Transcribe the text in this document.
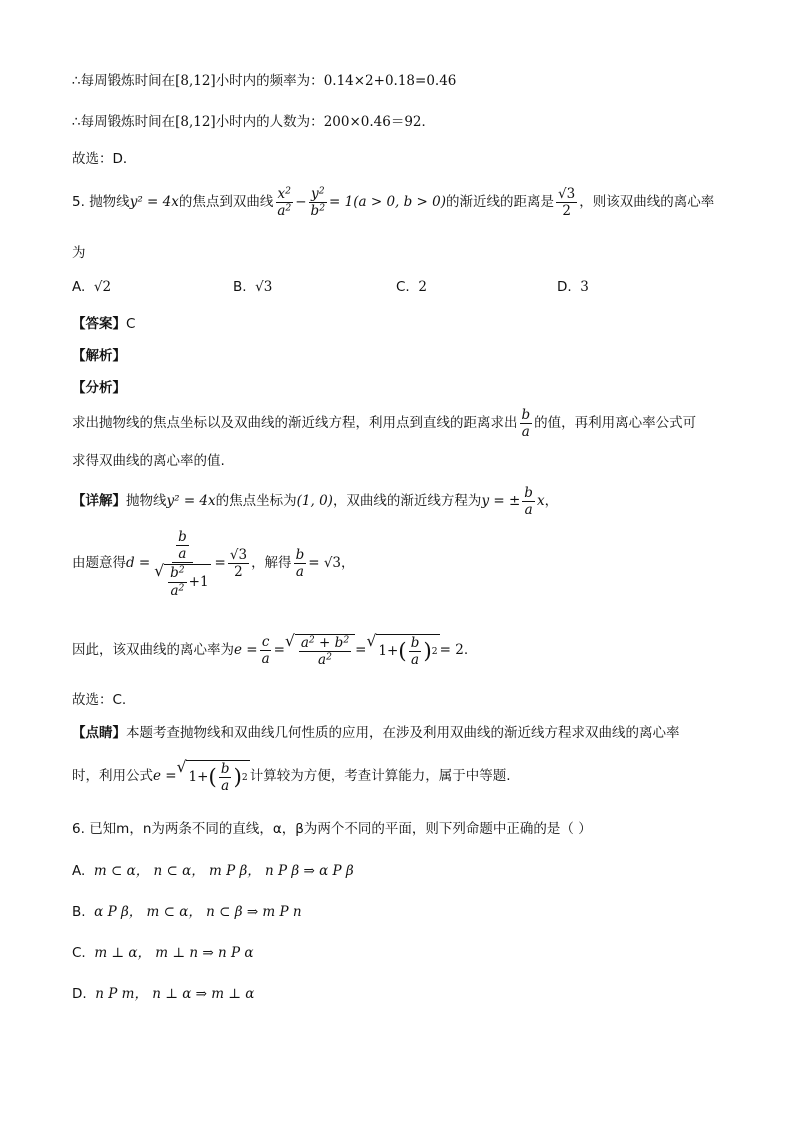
∴每周锻炼时间在[8,12]小时内的频率为：0.14×2+0.18=0.46
∴每周锻炼时间在[8,12]小时内的人数为：200×0.46＝92．
故选：D．
5.
抛物线 y² = 4x 的焦点到双曲线 $\frac{x^2}{a^2} - \frac{y^2}{b^2} = 1(a > 0$, b > 0) 的渐近线的距离是 $\frac{√3}{2}$ ，则该双曲线的离心率
为
A. √2	B. √3	C. 2	D. 3
【答案】C
【解析】
【分析】
求出抛物线的焦点坐标以及双曲线的渐近线方程，利用点到直线的距离求出 $\frac{b}{a}$ 的值，再利用离心率公式可
求得双曲线的离心率的值.
【详解】 抛物线 y² = 4x 的焦点坐标为 (1, 0) ，双曲线的渐近线方程为 y = ± $\frac{b}{a}$ x ，
由题意得 $d = \frac{\frac{b}{a}}{√ \frac{b^2}{a^2} +1} = \frac{√3}{2}$ ，解得 $\frac{b}{a} = √3$ ，
因此，该双曲线的离心率为 $e = \frac{c}{a}$ = √ $\frac{a^2 + b^2}{a^2}$ = √
1+ ( $\frac{b}{a}$ ) 2 = 2 .
故选：C.
【点睛】本题考查抛物线和双曲线几何性质的应用，在涉及利用双曲线的渐近线方程求双曲线的离心率
时，利用公式 e = √
1+ ( $\frac{b}{a}$ ) 2 计算较为方便，考查计算能力，属于中等题.
6. 已知m，n为两条不同的直线，α，β为两个不同的平面，则下列命题中正确的是（ ）
A. m ⊂ α， n ⊂ α， m P β， n P β ⇒ α P β
B. α P β， m ⊂ α， n ⊂ β ⇒ m P n
C. m ⊥ α， m ⊥ n ⇒ n P α
D. n P m， n ⊥ α ⇒ m ⊥ α
